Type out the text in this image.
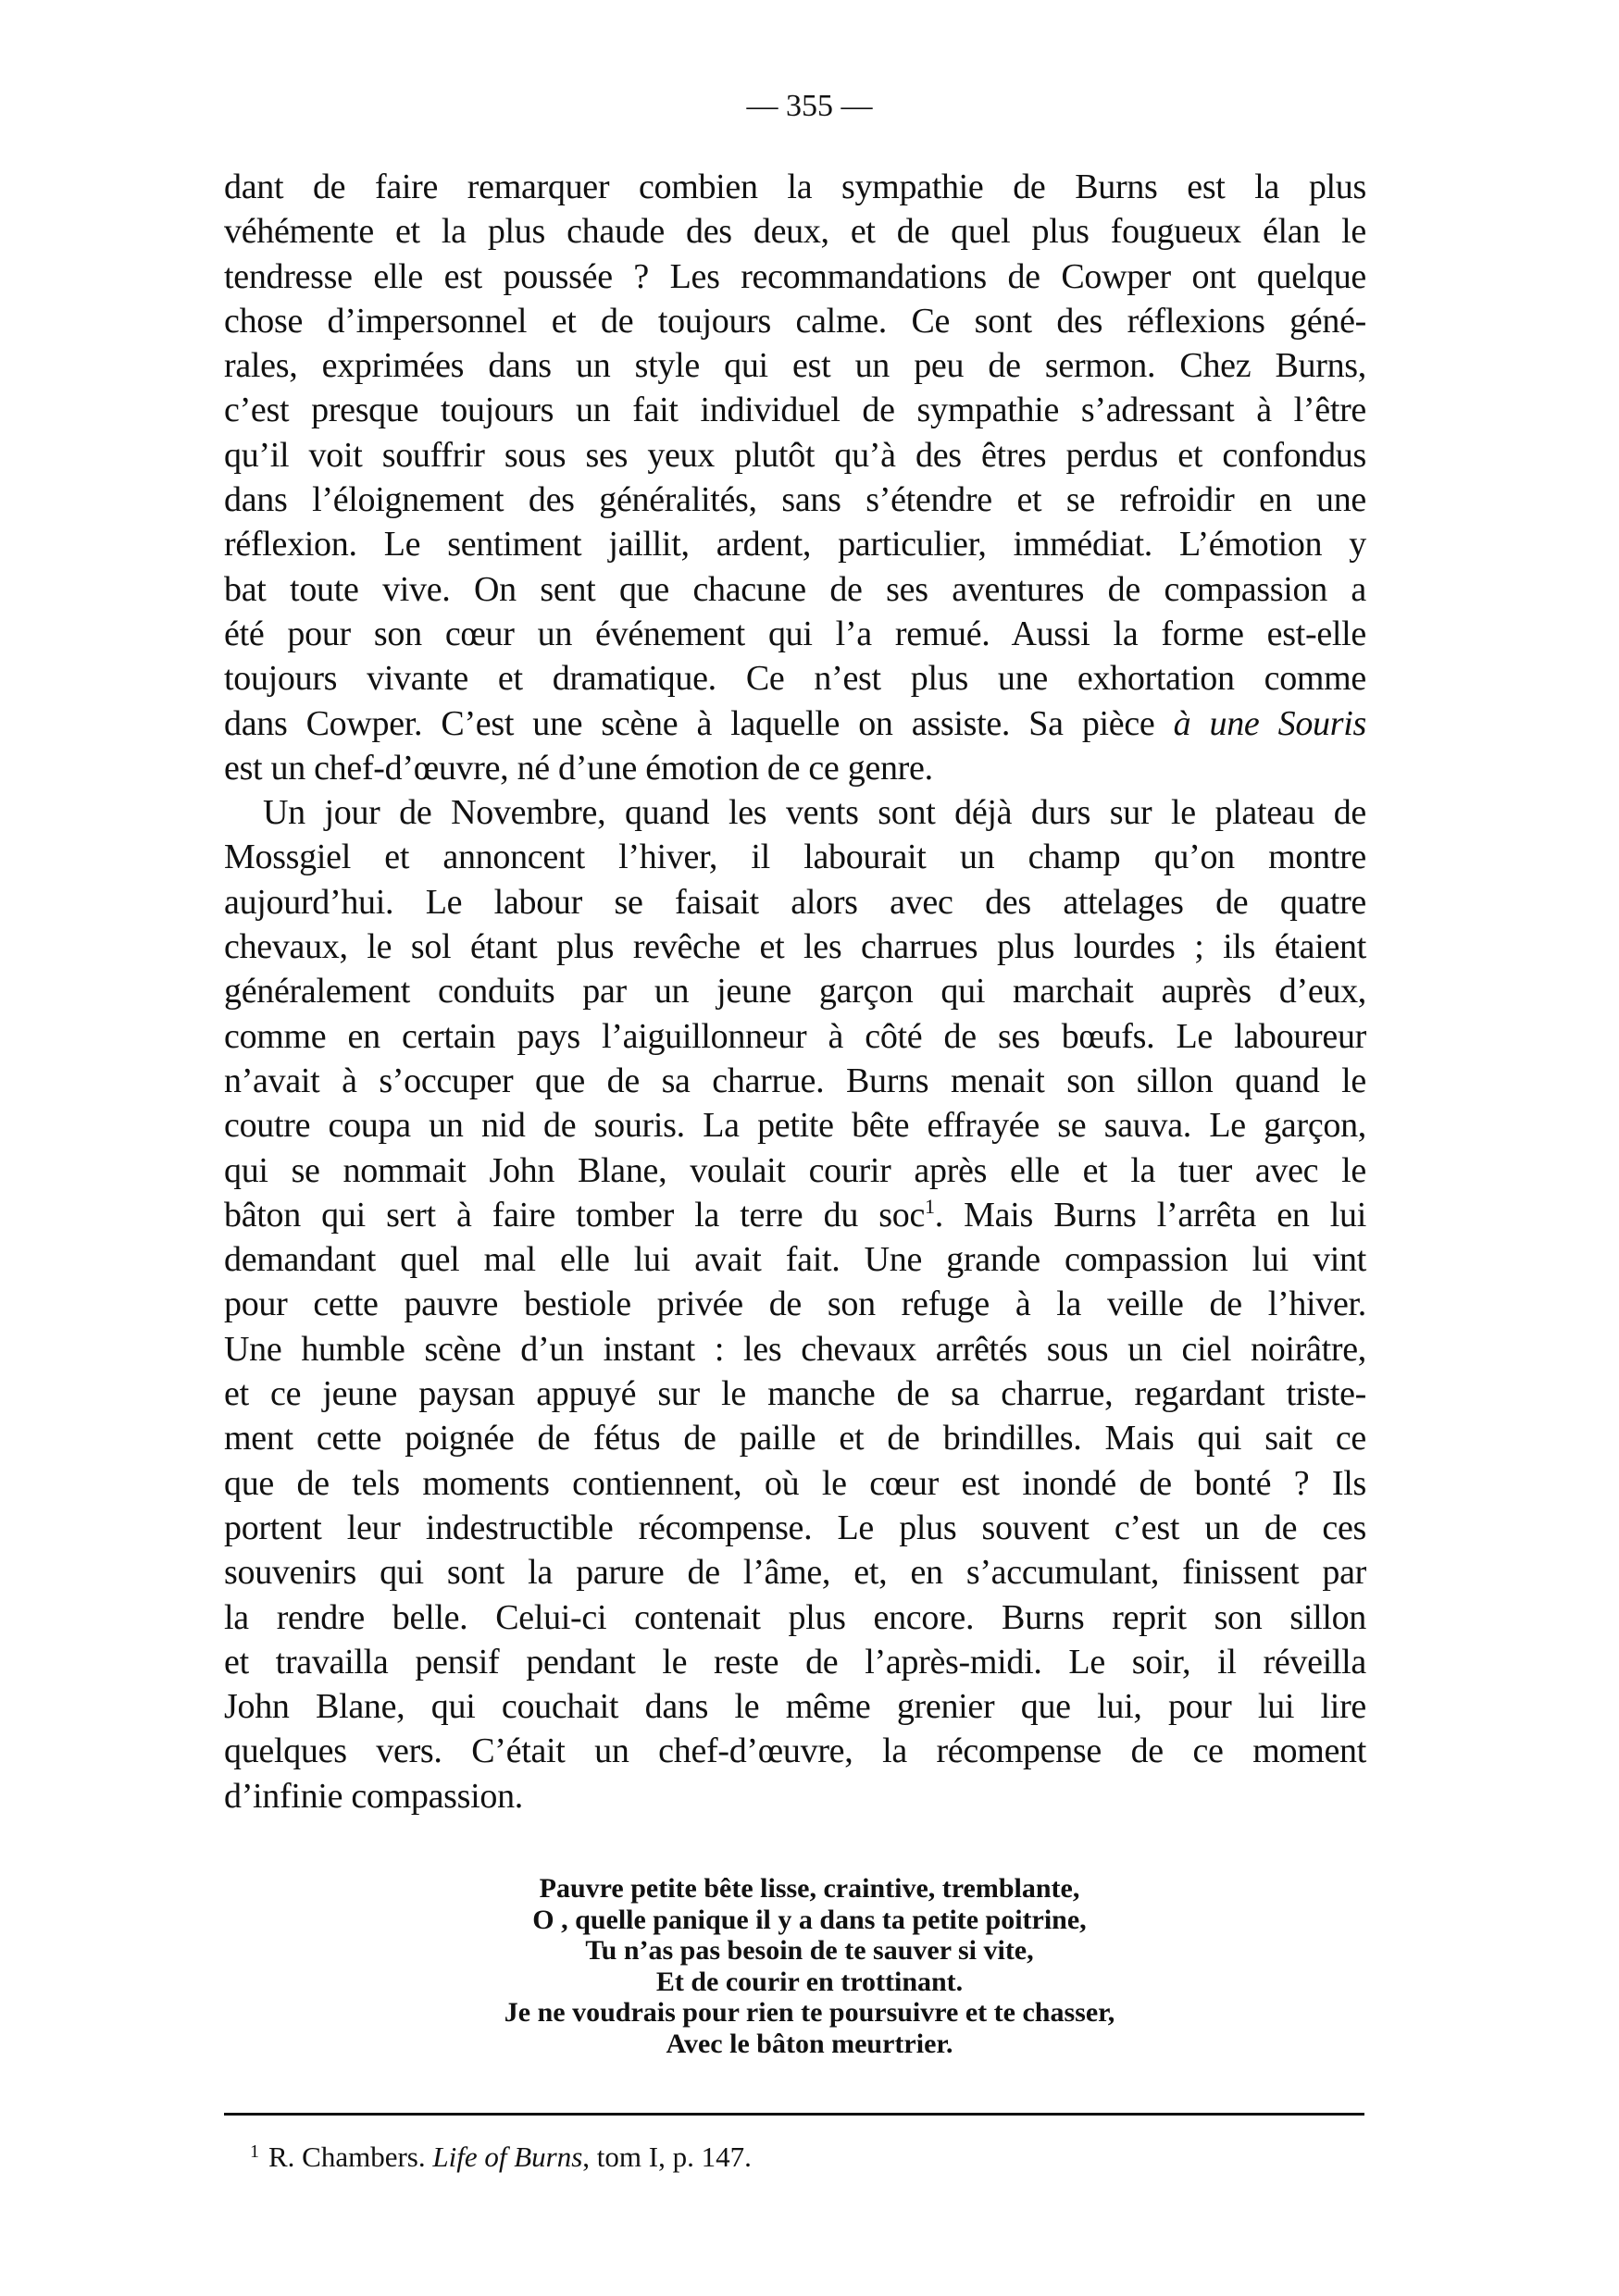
— 355 —
dant de faire remarquer combien la sympathie de Burns est la plus
véhémente et la plus chaude des deux, et de quel plus fougueux élan le
tendresse elle est poussée ? Les recommandations de Cowper ont quelque
chose d’impersonnel et de toujours calme. Ce sont des réflexions géné-
rales, exprimées dans un style qui est un peu de sermon. Chez Burns,
c’est presque toujours un fait individuel de sympathie s’adressant à l’être
qu’il voit souffrir sous ses yeux plutôt qu’à des êtres perdus et confondus
dans l’éloignement des généralités, sans s’étendre et se refroidir en une
réflexion. Le sentiment jaillit, ardent, particulier, immédiat. L’émotion y
bat toute vive. On sent que chacune de ses aventures de compassion a
été pour son cœur un événement qui l’a remué. Aussi la forme est-elle
toujours vivante et dramatique. Ce n’est plus une exhortation comme
dans Cowper. C’est une scène à laquelle on assiste. Sa pièce à une Souris
est un chef-d’œuvre, né d’une émotion de ce genre.
Un jour de Novembre, quand les vents sont déjà durs sur le plateau de
Mossgiel et annoncent l’hiver, il labourait un champ qu’on montre
aujourd’hui. Le labour se faisait alors avec des attelages de quatre
chevaux, le sol étant plus revêche et les charrues plus lourdes ; ils étaient
généralement conduits par un jeune garçon qui marchait auprès d’eux,
comme en certain pays l’aiguillonneur à côté de ses bœufs. Le laboureur
n’avait à s’occuper que de sa charrue. Burns menait son sillon quand le
coutre coupa un nid de souris. La petite bête effrayée se sauva. Le garçon,
qui se nommait John Blane, voulait courir après elle et la tuer avec le
bâton qui sert à faire tomber la terre du soc$^1$. Mais Burns l’arrêta en lui
demandant quel mal elle lui avait fait. Une grande compassion lui vint
pour cette pauvre bestiole privée de son refuge à la veille de l’hiver.
Une humble scène d’un instant : les chevaux arrêtés sous un ciel noirâtre,
et ce jeune paysan appuyé sur le manche de sa charrue, regardant triste-
ment cette poignée de fétus de paille et de brindilles. Mais qui sait ce
que de tels moments contiennent, où le cœur est inondé de bonté ? Ils
portent leur indestructible récompense. Le plus souvent c’est un de ces
souvenirs qui sont la parure de l’âme, et, en s’accumulant, finissent par
la rendre belle. Celui-ci contenait plus encore. Burns reprit son sillon
et travailla pensif pendant le reste de l’après-midi. Le soir, il réveilla
John Blane, qui couchait dans le même grenier que lui, pour lui lire
quelques vers. C’était un chef-d’œuvre, la récompense de ce moment
d’infinie compassion.
Pauvre petite bête lisse, craintive, tremblante,
O , quelle panique il y a dans ta petite poitrine,
Tu n’as pas besoin de te sauver si vite,
Et de courir en trottinant.
Je ne voudrais pour rien te poursuivre et te chasser,
Avec le bâton meurtrier.
$^1$ R. Chambers. Life of Burns, tom I, p. 147.
